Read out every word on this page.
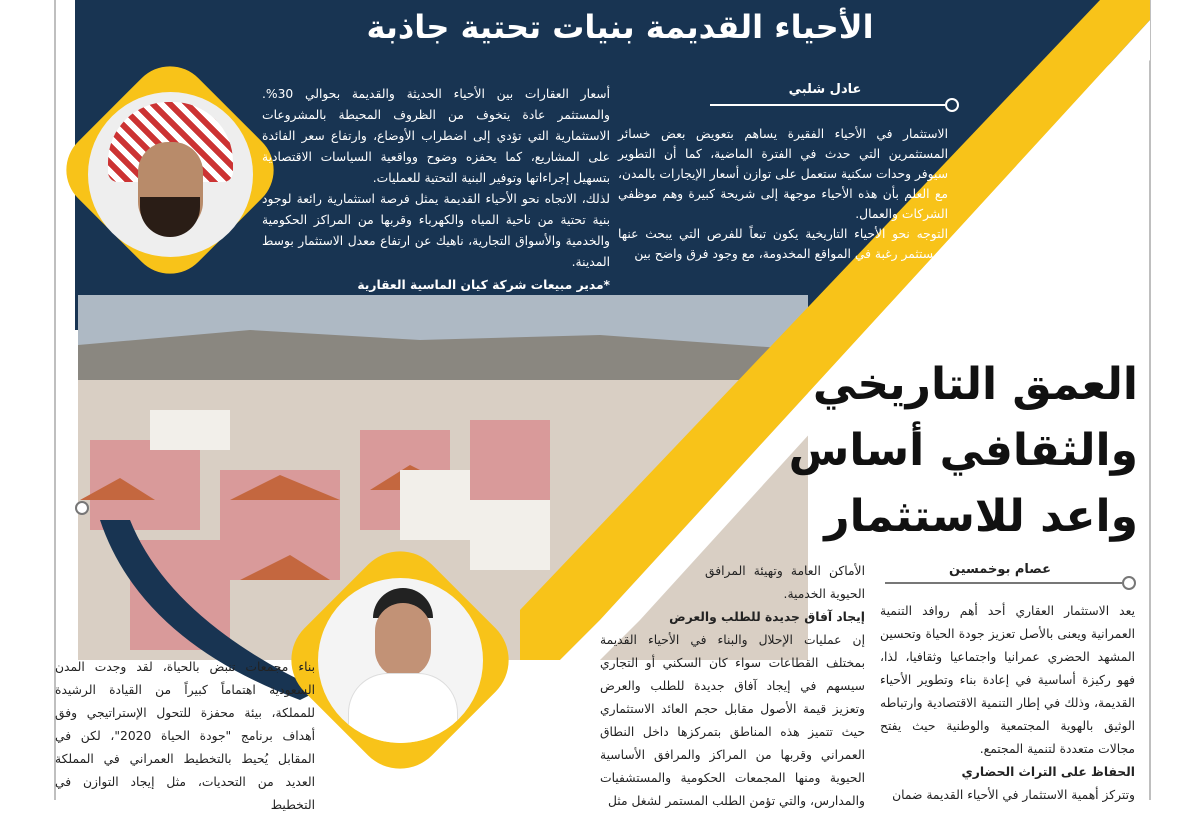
الأحياء القديمة بنيات تحتية جاذبة

أسعار العقارات بين الأحياء الحديثة والقديمة بحوالي 30%. والمستثمر عادة يتخوف من الظروف المحيطة بالمشروعات الاستثمارية التي تؤدي إلى اضطراب الأوضاع، وارتفاع سعر الفائدة على المشاريع، كما يحفزه وضوح وواقعية السياسات الاقتصادية بتسهيل إجراءاتها وتوفير البنية التحتية للعمليات.

لذلك، الاتجاه نحو الأحياء القديمة يمثل فرصة استثمارية رائعة لوجود بنية تحتية من ناحية المياه والكهرباء وقربها من المراكز الحكومية والخدمية والأسواق التجارية، ناهيك عن ارتفاع معدل الاستثمار بوسط المدينة.

*مدير مبيعات شركة كيان الماسية العقارية

عادل شلبي

الاستثمار في الأحياء الفقيرة يساهم بتعويض بعض خسائر المستثمرين التي حدث في الفترة الماضية، كما أن التطوير سيوفر وحدات سكنية ستعمل على توازن أسعار الإيجارات بالمدن، مع العلم بأن هذه الأحياء موجهة إلى شريحة كبيرة وهم موظفي الشركات والعمال.

التوجه نحو الأحياء التاريخية يكون تبعاً للفرص التي يبحث عنها المستثمر رغبة في المواقع المخدومة، مع وجود فرق واضح بين

العمق التاريخي
والثقافي أساس
واعد للاستثمار
عصام بوخمسين

يعد الاستثمار العقاري أحد أهم روافد التنمية العمرانية ويعنى بالأصل تعزيز جودة الحياة وتحسين المشهد الحضري عمرانيا واجتماعيا وثقافيا، لذا، فهو ركيزة أساسية في إعادة بناء وتطوير الأحياء القديمة، وذلك في إطار التنمية الاقتصادية وارتباطه الوثيق بالهوية المجتمعية والوطنية حيث يفتح مجالات متعددة لتنمية المجتمع.

الحفاظ على التراث الحضاري

وتتركز أهمية الاستثمار في الأحياء القديمة ضمان

الأماكن العامة وتهيئة المرافق الحيوية الخدمية.

إيجاد آفاق جديدة للطلب والعرض

إن عمليات الإحلال والبناء في الأحياء القديمة بمختلف القطاعات سواء كان السكني أو التجاري سيسهم في إيجاد آفاق جديدة للطلب والعرض وتعزيز قيمة الأصول مقابل حجم العائد الاستثماري حيث تتميز هذه المناطق بتمركزها داخل النطاق العمراني وقربها من المراكز والمرافق الأساسية الحيوية ومنها المجمعات الحكومية والمستشفيات والمدارس، والتي تؤمن الطلب المستمر لشغل مثل

بناء مجمعات تنبض بالحياة، لقد وجدت المدن السعودية اهتماماً كبيراً من القيادة الرشيدة للمملكة، بيئة محفزة للتحول الإستراتيجي وفق أهداف برنامج "جودة الحياة 2020"، لكن في المقابل يُحيط بالتخطيط العمراني في المملكة العديد من التحديات، مثل إيجاد التوازن في التخطيط
